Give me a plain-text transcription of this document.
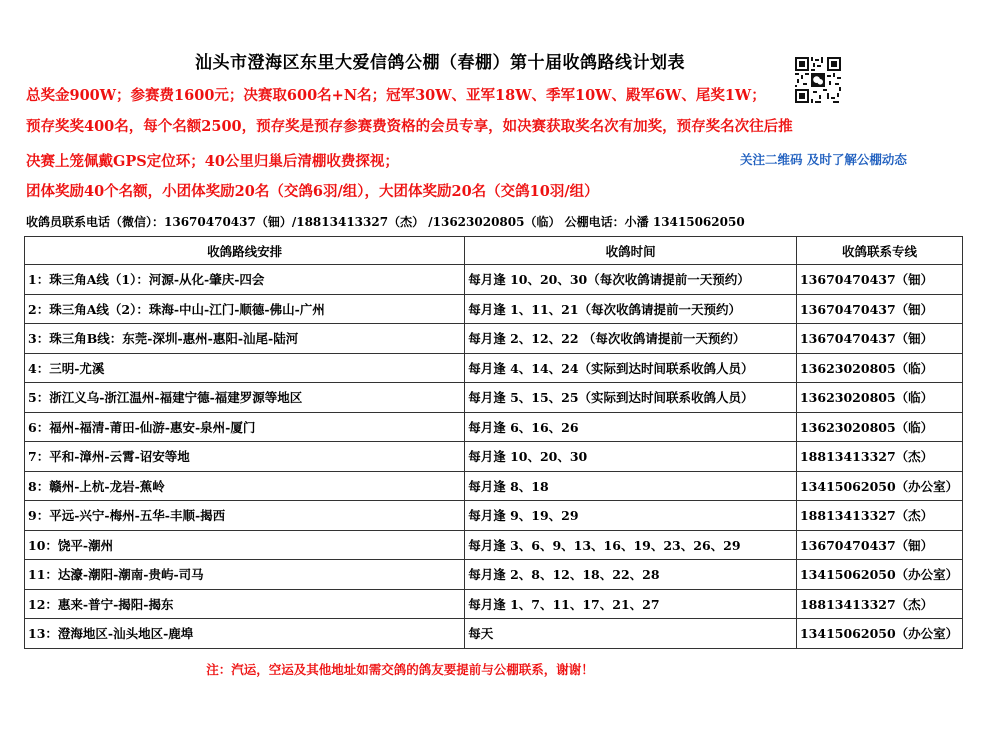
汕头市澄海区东里大爱信鸽公棚（春棚）第十届收鸽路线计划表
总奖金900W；参赛费1600元；决赛取600名+N名；冠军30W、亚军18W、季军10W、殿军6W、尾奖1W；
预存奖奖400名，每个名额2500，预存奖是预存参赛费资格的会员专享，如决赛获取奖名次有加奖，预存奖名次往后推
决赛上笼佩戴GPS定位环；40公里归巢后清棚收费探视；
团体奖励40个名额，小团体奖励20名（交鸽6羽/组），大团体奖励20名（交鸽10羽/组）
关注二维码 及时了解公棚动态
收鸽员联系电话（微信）：13670470437（钿）/18813413327（杰） /13623020805（临） 公棚电话：小潘 13415062050
收鸽路线安排	收鸽时间	收鸽联系专线
1：珠三角A线（1）：河源-从化-肇庆-四会	每月逢 10、20、30（每次收鸽请提前一天预约）	13670470437（钿）
2：珠三角A线（2）：珠海-中山-江门-顺德-佛山-广州	每月逢 1、11、21（每次收鸽请提前一天预约）	13670470437（钿）
3：珠三角B线：东莞-深圳-惠州-惠阳-汕尾-陆河	每月逢 2、12、22 （每次收鸽请提前一天预约）	13670470437（钿）
4：三明-尤溪	每月逢 4、14、24（实际到达时间联系收鸽人员）	13623020805（临）
5：浙江义乌-浙江温州-福建宁德-福建罗源等地区	每月逢 5、15、25（实际到达时间联系收鸽人员）	13623020805（临）
6：福州-福清-莆田-仙游-惠安-泉州-厦门	每月逢 6、16、26	13623020805（临）
7：平和-漳州-云霄-诏安等地	每月逢 10、20、30	18813413327（杰）
8：赣州-上杭-龙岩-蕉岭	每月逢 8、18	13415062050（办公室）
9：平远-兴宁-梅州-五华-丰顺-揭西	每月逢 9、19、29	18813413327（杰）
10：饶平-潮州	每月逢 3、6、9、13、16、19、23、26、29	13670470437（钿）
11：达濠-潮阳-潮南-贵屿-司马	每月逢 2、8、12、18、22、28	13415062050（办公室）
12：惠来-普宁-揭阳-揭东	每月逢 1、7、11、17、21、27	18813413327（杰）
13：澄海地区-汕头地区-鹿埠	每天	13415062050（办公室）
注：汽运，空运及其他地址如需交鸽的鸽友要提前与公棚联系，谢谢！
